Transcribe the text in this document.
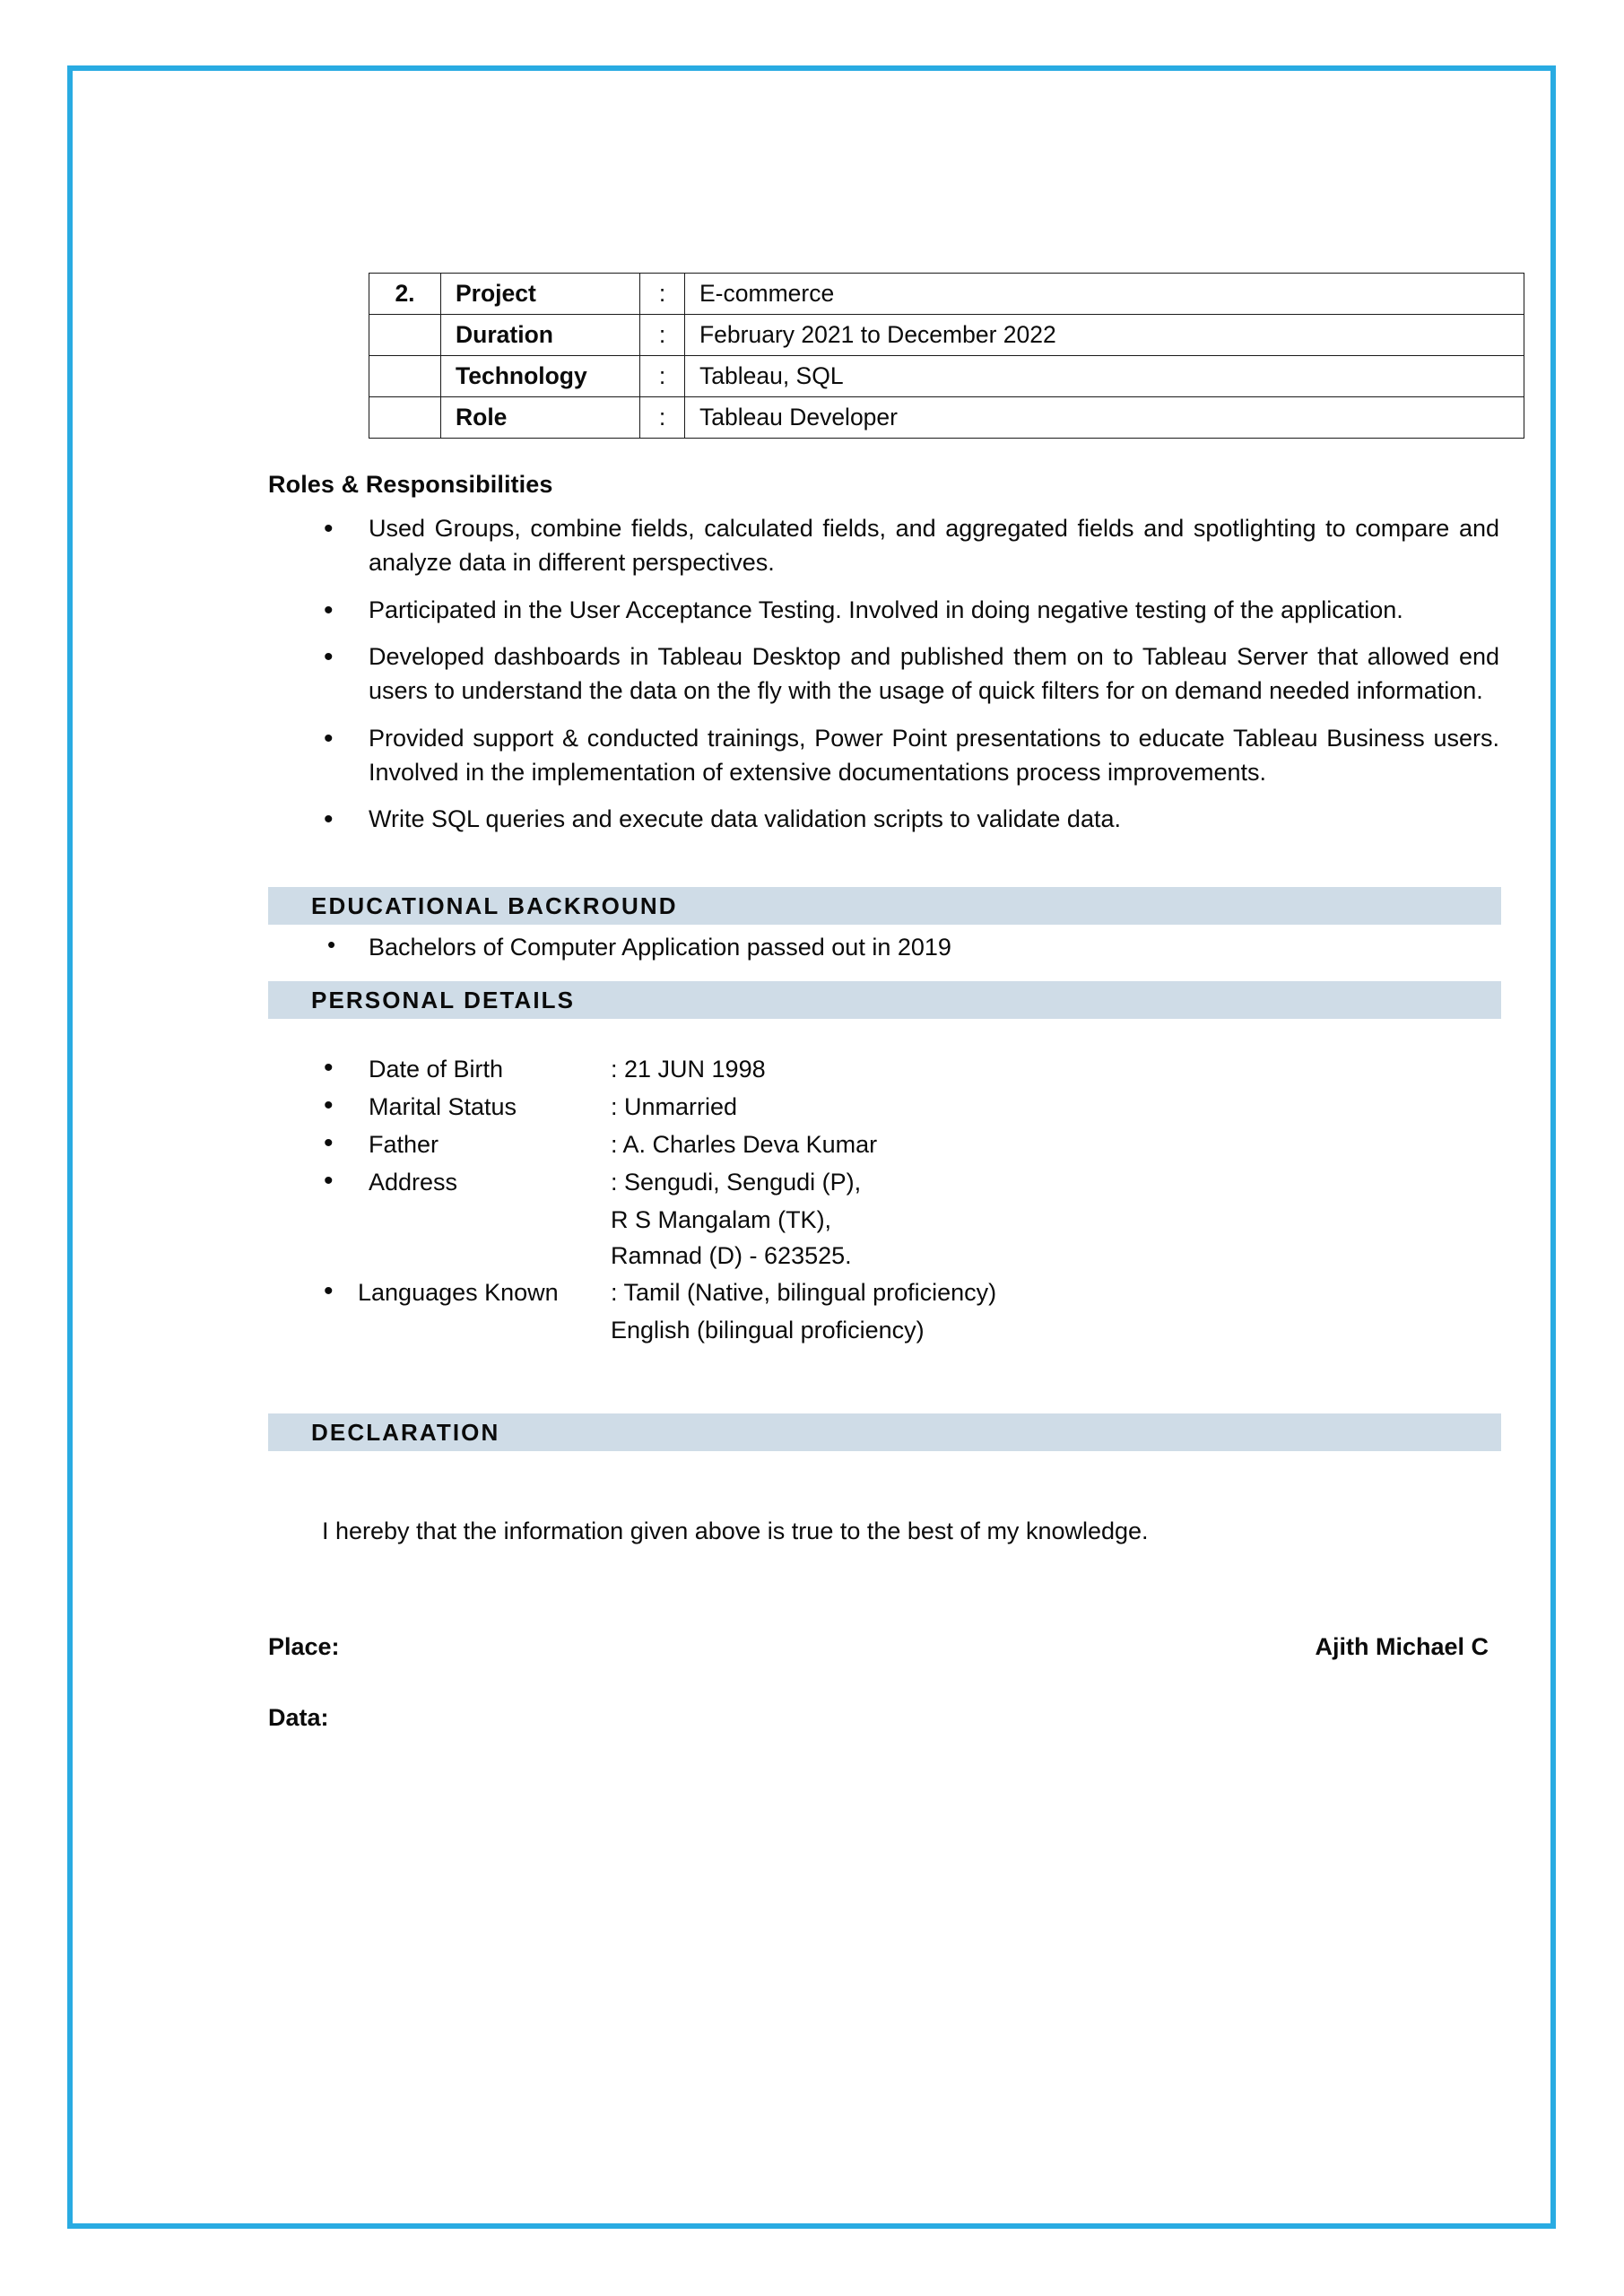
2.	Project	:	E-commerce
	Duration	:	February 2021 to December 2022
	Technology	:	Tableau, SQL
	Role	:	Tableau Developer
Roles & Responsibilities
• Used Groups, combine fields, calculated fields, and aggregated fields and spotlighting to compare and analyze data in different perspectives.
• Participated in the User Acceptance Testing. Involved in doing negative testing of the application.
• Developed dashboards in Tableau Desktop and published them on to Tableau Server that allowed end users to understand the data on the fly with the usage of quick filters for on demand needed information.
• Provided support & conducted trainings, Power Point presentations to educate Tableau Business users. Involved in the implementation of extensive documentations process improvements.
• Write SQL queries and execute data validation scripts to validate data.
EDUCATIONAL BACKROUND
• Bachelors of Computer Application passed out in 2019
PERSONAL DETAILS
• Date of Birth	: 21 JUN 1998
• Marital Status	: Unmarried
• Father	: A. Charles Deva Kumar
• Address	: Sengudi, Sengudi (P),
R S Mangalam (TK),
Ramnad (D) - 623525.
• Languages Known : Tamil (Native, bilingual proficiency)
English (bilingual proficiency)
DECLARATION
I hereby that the information given above is true to the best of my knowledge.
Place:	Ajith Michael C
Data:
